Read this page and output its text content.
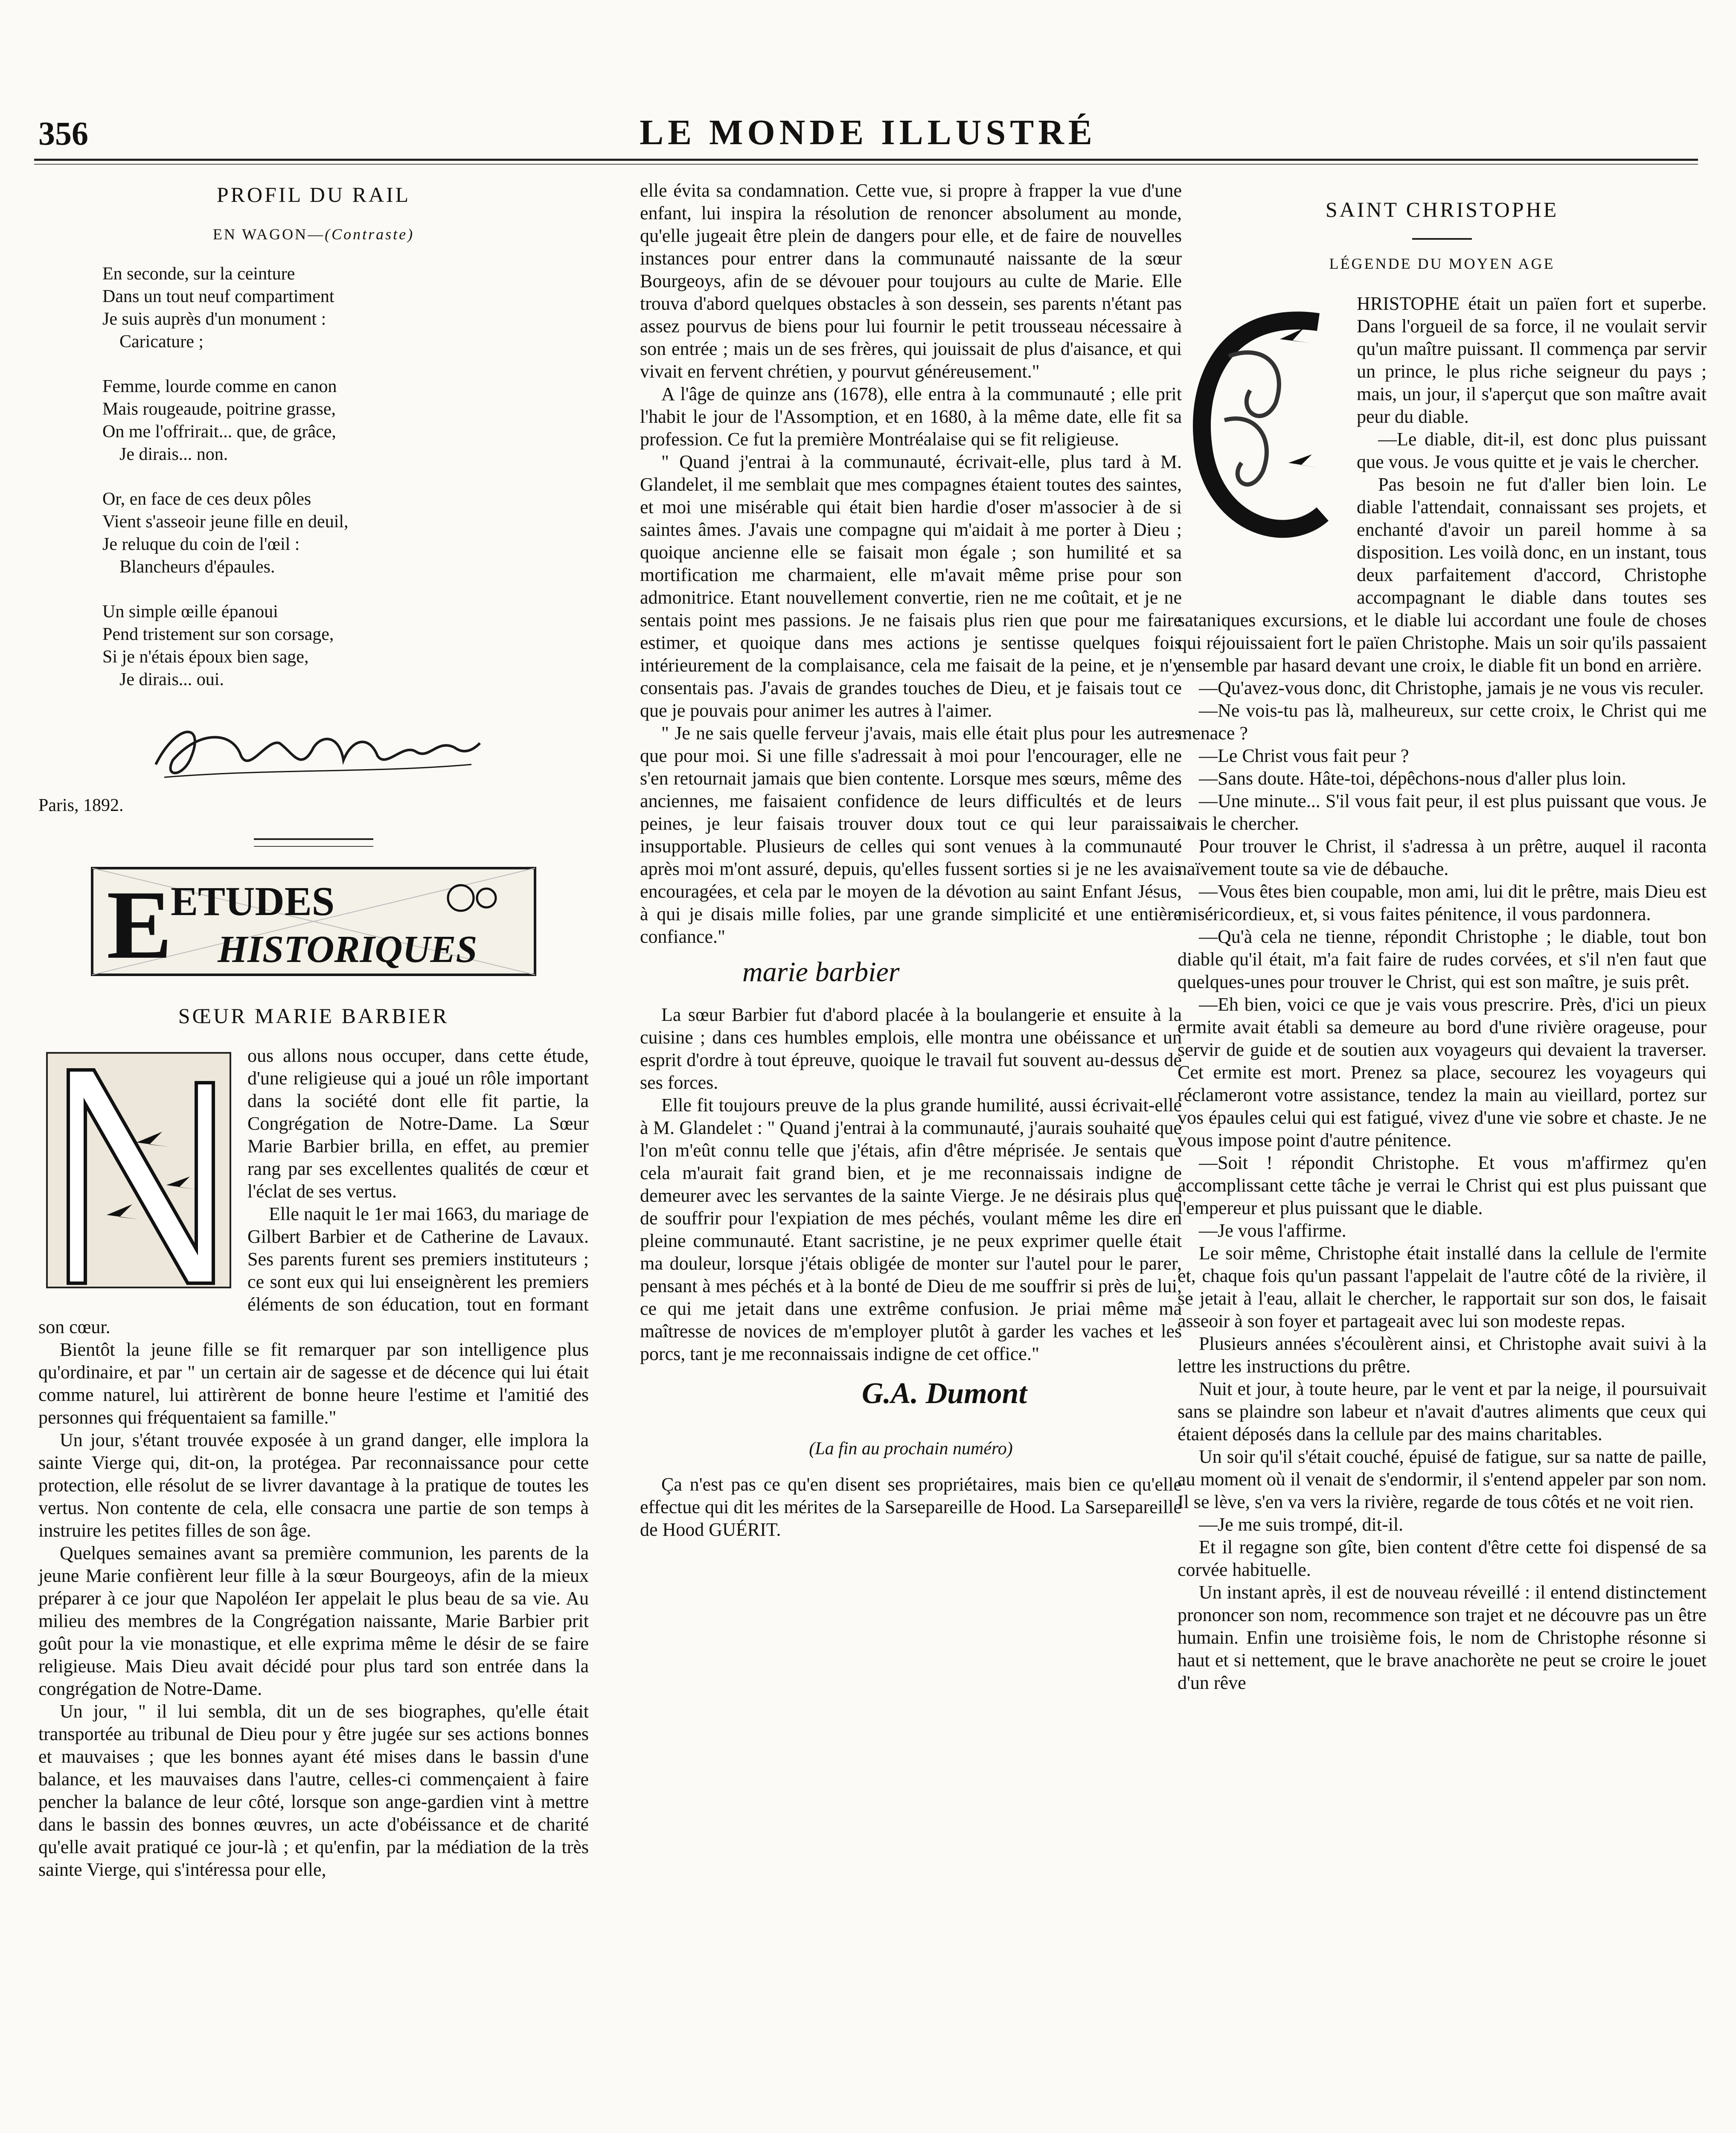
356	LE MONDE ILLUSTRÉ
PROFIL DU RAIL
EN WAGON—(Contraste)
En seconde, sur la ceinture
Dans un tout neuf compartiment
Je suis auprès d'un monument :
Caricature ;
Femme, lourde comme en canon
Mais rougeaude, poitrine grasse,
On me l'offrirait... que, de grâce,
Je dirais... non.
Or, en face de ces deux pôles
Vient s'asseoir jeune fille en deuil,
Je reluque du coin de l'œil :
Blancheurs d'épaules.
Un simple œille épanoui
Pend tristement sur son corsage,
Si je n'étais époux bien sage,
Je dirais... oui.
Paris, 1892.
E
ETUDES
HISTORIQUES
SŒUR MARIE BARBIER

ous allons nous occuper, dans cette étude, d'une religieuse qui a joué un rôle important dans la société dont elle fit partie, la Congrégation de Notre-Dame. La Sœur Marie Barbier brilla, en effet, au premier rang par ses excellentes qualités de cœur et l'éclat de ses vertus.

Elle naquit le 1er mai 1663, du mariage de Gilbert Barbier et de Catherine de Lavaux. Ses parents furent ses premiers instituteurs ; ce sont eux qui lui enseignèrent les premiers éléments de son éducation, tout en formant son cœur.

Bientôt la jeune fille se fit remarquer par son intelligence plus qu'ordinaire, et par " un certain air de sagesse et de décence qui lui était comme naturel, lui attirèrent de bonne heure l'estime et l'amitié des personnes qui fréquentaient sa famille."

Un jour, s'étant trouvée exposée à un grand danger, elle implora la sainte Vierge qui, dit-on, la protégea. Par reconnaissance pour cette protection, elle résolut de se livrer davantage à la pratique de toutes les vertus. Non contente de cela, elle consacra une partie de son temps à instruire les petites filles de son âge.

Quelques semaines avant sa première communion, les parents de la jeune Marie confièrent leur fille à la sœur Bourgeoys, afin de la mieux préparer à ce jour que Napoléon Ier appelait le plus beau de sa vie. Au milieu des membres de la Congrégation naissante, Marie Barbier prit goût pour la vie monastique, et elle exprima même le désir de se faire religieuse. Mais Dieu avait décidé pour plus tard son entrée dans la congrégation de Notre-Dame.

Un jour, " il lui sembla, dit un de ses biographes, qu'elle était transportée au tribunal de Dieu pour y être jugée sur ses actions bonnes et mauvaises ; que les bonnes ayant été mises dans le bassin d'une balance, et les mauvaises dans l'autre, celles-ci commençaient à faire pencher la balance de leur côté, lorsque son ange-gardien vint à mettre dans le bassin des bonnes œuvres, un acte d'obéissance et de charité qu'elle avait pratiqué ce jour-là ; et qu'enfin, par la médiation de la très sainte Vierge, qui s'intéressa pour elle,

elle évita sa condamnation. Cette vue, si propre à frapper la vue d'une enfant, lui inspira la résolution de renoncer absolument au monde, qu'elle jugeait être plein de dangers pour elle, et de faire de nouvelles instances pour entrer dans la communauté naissante de la sœur Bourgeoys, afin de se dévouer pour toujours au culte de Marie. Elle trouva d'abord quelques obstacles à son dessein, ses parents n'étant pas assez pourvus de biens pour lui fournir le petit trousseau nécessaire à son entrée ; mais un de ses frères, qui jouissait de plus d'aisance, et qui vivait en fervent chrétien, y pourvut généreusement."

A l'âge de quinze ans (1678), elle entra à la communauté ; elle prit l'habit le jour de l'Assomption, et en 1680, à la même date, elle fit sa profession. Ce fut la première Montréalaise qui se fit religieuse.

" Quand j'entrai à la communauté, écrivait-elle, plus tard à M. Glandelet, il me semblait que mes compagnes étaient toutes des saintes, et moi une misérable qui était bien hardie d'oser m'associer à de si saintes âmes. J'avais une compagne qui m'aidait à me porter à Dieu ; quoique ancienne elle se faisait mon égale ; son humilité et sa mortification me charmaient, elle m'avait même prise pour son admonitrice. Etant nouvellement convertie, rien ne me coûtait, et je ne sentais point mes passions. Je ne faisais plus rien que pour me faire estimer, et quoique dans mes actions je sentisse quelques fois intérieurement de la complaisance, cela me faisait de la peine, et je n'y consentais pas. J'avais de grandes touches de Dieu, et je faisais tout ce que je pouvais pour animer les autres à l'aimer.

" Je ne sais quelle ferveur j'avais, mais elle était plus pour les autres que pour moi. Si une fille s'adressait à moi pour l'encourager, elle ne s'en retournait jamais que bien contente. Lorsque mes sœurs, même des anciennes, me faisaient confidence de leurs difficultés et de leurs peines, je leur faisais trouver doux tout ce qui leur paraissait insupportable. Plusieurs de celles qui sont venues à la communauté après moi m'ont assuré, depuis, qu'elles fussent sorties si je ne les avais encouragées, et cela par le moyen de la dévotion au saint Enfant Jésus, à qui je disais mille folies, par une grande simplicité et une entière confiance."

marie barbier

La sœur Barbier fut d'abord placée à la boulangerie et ensuite à la cuisine ; dans ces humbles emplois, elle montra une obéissance et un esprit d'ordre à tout épreuve, quoique le travail fut souvent au-dessus de ses forces.

Elle fit toujours preuve de la plus grande humilité, aussi écrivait-elle à M. Glandelet : " Quand j'entrai à la communauté, j'aurais souhaité que l'on m'eût connu telle que j'étais, afin d'être méprisée. Je sentais que cela m'aurait fait grand bien, et je me reconnaissais indigne de demeurer avec les servantes de la sainte Vierge. Je ne désirais plus que de souffrir pour l'expiation de mes péchés, voulant même les dire en pleine communauté. Etant sacristine, je ne peux exprimer quelle était ma douleur, lorsque j'étais obligée de monter sur l'autel pour le parer, pensant à mes péchés et à la bonté de Dieu de me souffrir si près de lui, ce qui me jetait dans une extrême confusion. Je priai même ma maîtresse de novices de m'employer plutôt à garder les vaches et les porcs, tant je me reconnaissais indigne de cet office."

G.A. Dumont
(La fin au prochain numéro)

Ça n'est pas ce qu'en disent ses propriétaires, mais bien ce qu'elle effectue qui dit les mérites de la Sarsepareille de Hood. La Sarsepareille de Hood GUÉRIT.

SAINT CHRISTOPHE
LÉGENDE DU MOYEN AGE

HRISTOPHE était un païen fort et superbe. Dans l'orgueil de sa force, il ne voulait servir qu'un maître puissant. Il commença par servir un prince, le plus riche seigneur du pays ; mais, un jour, il s'aperçut que son maître avait peur du diable.

—Le diable, dit-il, est donc plus puissant que vous. Je vous quitte et je vais le chercher.

Pas besoin ne fut d'aller bien loin. Le diable l'attendait, connaissant ses projets, et enchanté d'avoir un pareil homme à sa disposition. Les voilà donc, en un instant, tous deux parfaitement d'accord, Christophe accompagnant le diable dans toutes ses sataniques excursions, et le diable lui accordant une foule de choses qui réjouissaient fort le païen Christophe. Mais un soir qu'ils passaient ensemble par hasard devant une croix, le diable fit un bond en arrière.

—Qu'avez-vous donc, dit Christophe, jamais je ne vous vis reculer.

—Ne vois-tu pas là, malheureux, sur cette croix, le Christ qui me menace ?

—Le Christ vous fait peur ?

—Sans doute. Hâte-toi, dépêchons-nous d'aller plus loin.

—Une minute... S'il vous fait peur, il est plus puissant que vous. Je vais le chercher.

Pour trouver le Christ, il s'adressa à un prêtre, auquel il raconta naïvement toute sa vie de débauche.

—Vous êtes bien coupable, mon ami, lui dit le prêtre, mais Dieu est miséricordieux, et, si vous faites pénitence, il vous pardonnera.

—Qu'à cela ne tienne, répondit Christophe ; le diable, tout bon diable qu'il était, m'a fait faire de rudes corvées, et s'il n'en faut que quelques-unes pour trouver le Christ, qui est son maître, je suis prêt.

—Eh bien, voici ce que je vais vous prescrire. Près, d'ici un pieux ermite avait établi sa demeure au bord d'une rivière orageuse, pour servir de guide et de soutien aux voyageurs qui devaient la traverser. Cet ermite est mort. Prenez sa place, secourez les voyageurs qui réclameront votre assistance, tendez la main au vieillard, portez sur vos épaules celui qui est fatigué, vivez d'une vie sobre et chaste. Je ne vous impose point d'autre pénitence.

—Soit ! répondit Christophe. Et vous m'affirmez qu'en accomplissant cette tâche je verrai le Christ qui est plus puissant que l'empereur et plus puissant que le diable.

—Je vous l'affirme.

Le soir même, Christophe était installé dans la cellule de l'ermite et, chaque fois qu'un passant l'appelait de l'autre côté de la rivière, il se jetait à l'eau, allait le chercher, le rapportait sur son dos, le faisait asseoir à son foyer et partageait avec lui son modeste repas.

Plusieurs années s'écoulèrent ainsi, et Christophe avait suivi à la lettre les instructions du prêtre.

Nuit et jour, à toute heure, par le vent et par la neige, il poursuivait sans se plaindre son labeur et n'avait d'autres aliments que ceux qui étaient déposés dans la cellule par des mains charitables.

Un soir qu'il s'était couché, épuisé de fatigue, sur sa natte de paille, au moment où il venait de s'endormir, il s'entend appeler par son nom. Il se lève, s'en va vers la rivière, regarde de tous côtés et ne voit rien.

—Je me suis trompé, dit-il.

Et il regagne son gîte, bien content d'être cette foi dispensé de sa corvée habituelle.

Un instant après, il est de nouveau réveillé : il entend distinctement prononcer son nom, recommence son trajet et ne découvre pas un être humain. Enfin une troisième fois, le nom de Christophe résonne si haut et si nettement, que le brave anachorète ne peut se croire le jouet d'un rêve
